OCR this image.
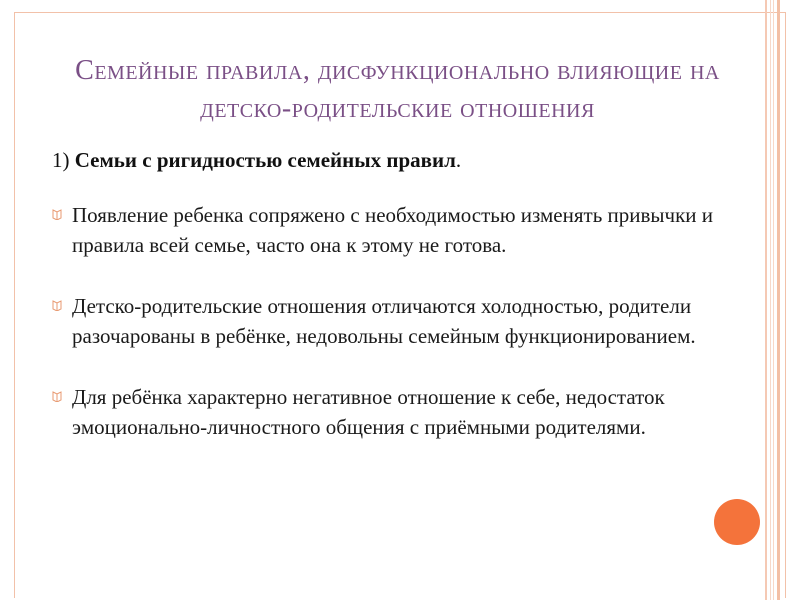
Семейные правила, дисфункционально влияющие на
детско-родительские отношения
1) Семьи с ригидностью семейных правил.
Появление ребенка сопряжено с необходимостью изменять привычки и правила всей семье, часто она к этому не готова.
Детско-родительские отношения отличаются холодностью, родители разочарованы в ребёнке, недовольны семейным функционированием.
Для ребёнка характерно негативное отношение к себе, недостаток эмоционально-личностного общения с приёмными родителями.
